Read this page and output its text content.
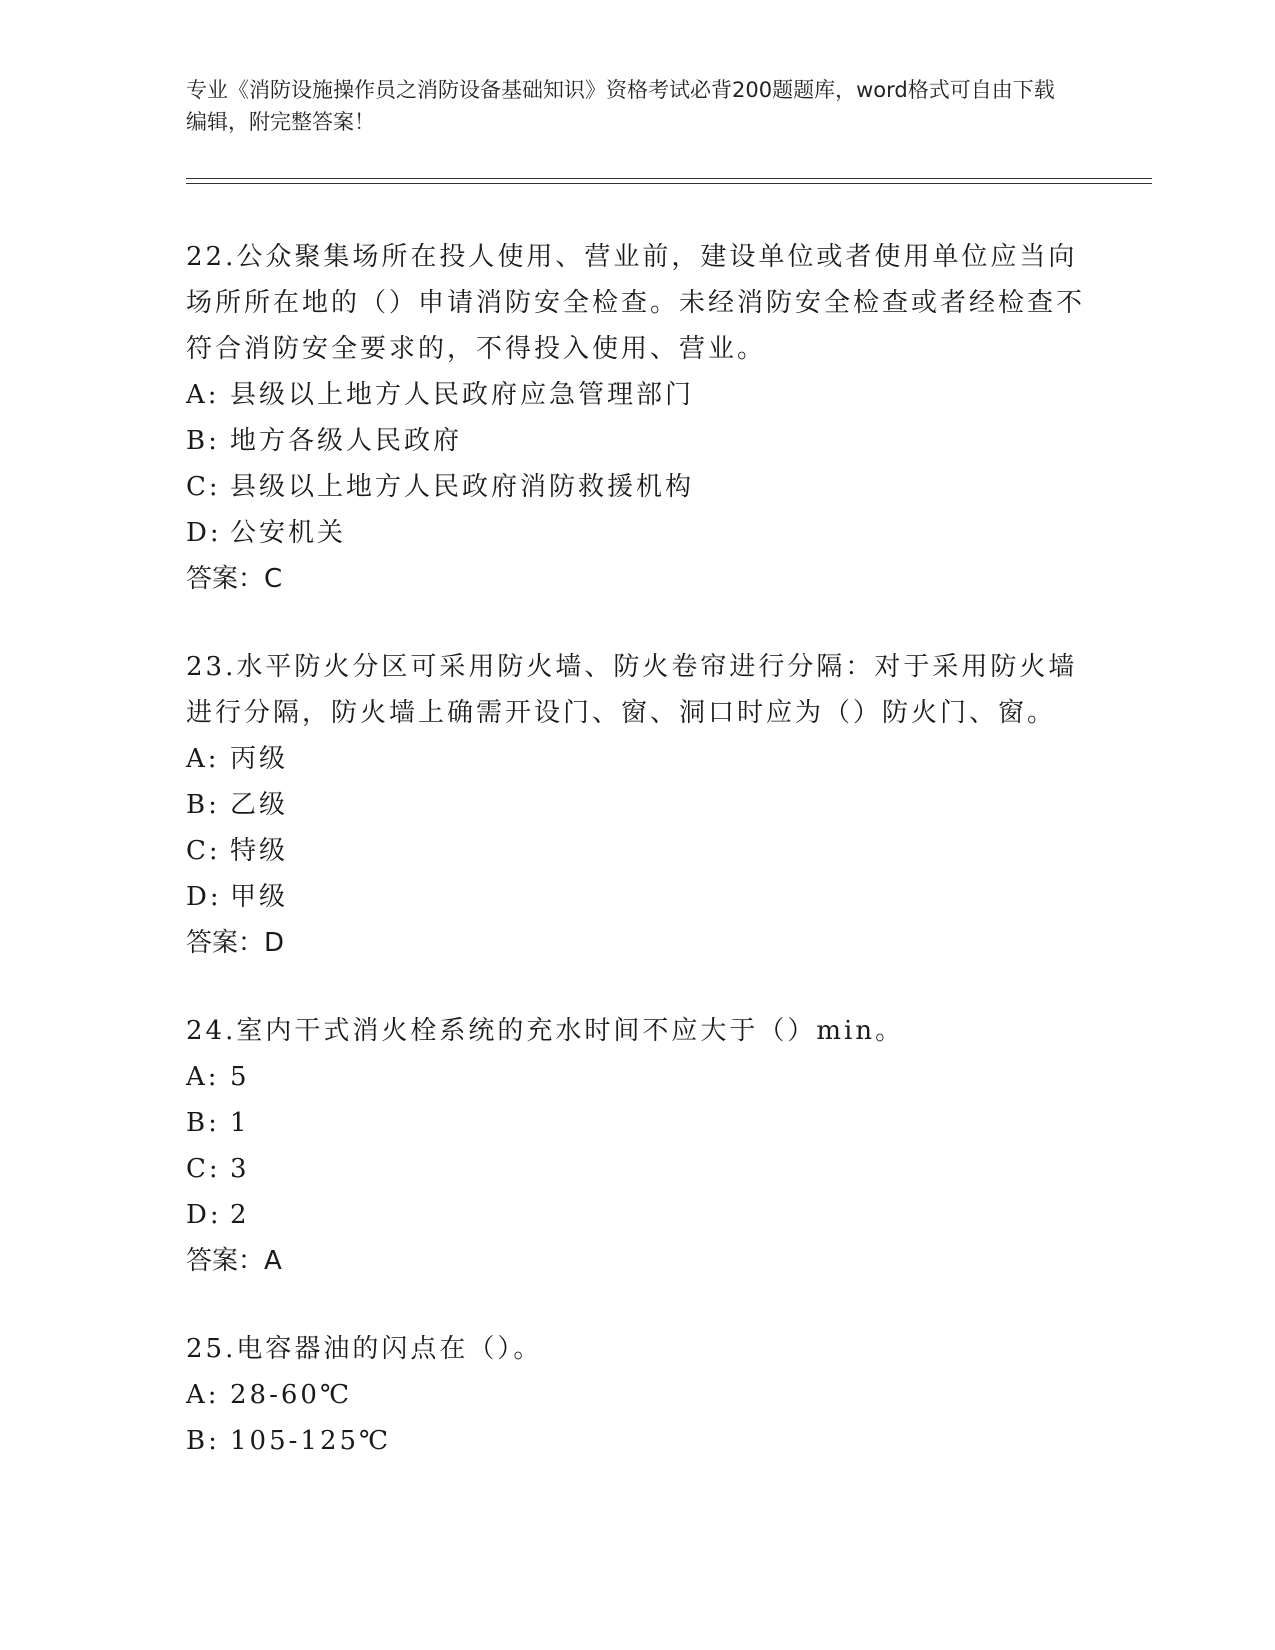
专业《消防设施操作员之消防设备基础知识》资格考试必背200题题库，word格式可自由下载编辑，附完整答案！

22.公众聚集场所在投人使用、营业前，建设单位或者使用单位应当向场所所在地的（）申请消防安全检查。未经消防安全检查或者经检查不符合消防安全要求的，不得投入使用、营业。

A: 县级以上地方人民政府应急管理部门
B: 地方各级人民政府
C: 县级以上地方人民政府消防救援机构
D: 公安机关

答案：C

23.水平防火分区可采用防火墙、防火卷帘进行分隔：对于采用防火墙进行分隔，防火墙上确需开设门、窗、洞口时应为（）防火门、窗。

A: 丙级
B: 乙级
C: 特级
D: 甲级

答案：D

24.室内干式消火栓系统的充水时间不应大于（）min。

A: 5
B: 1
C: 3
D: 2

答案：A

25.电容器油的闪点在（）。

A: 28-60℃
B: 105-125℃
